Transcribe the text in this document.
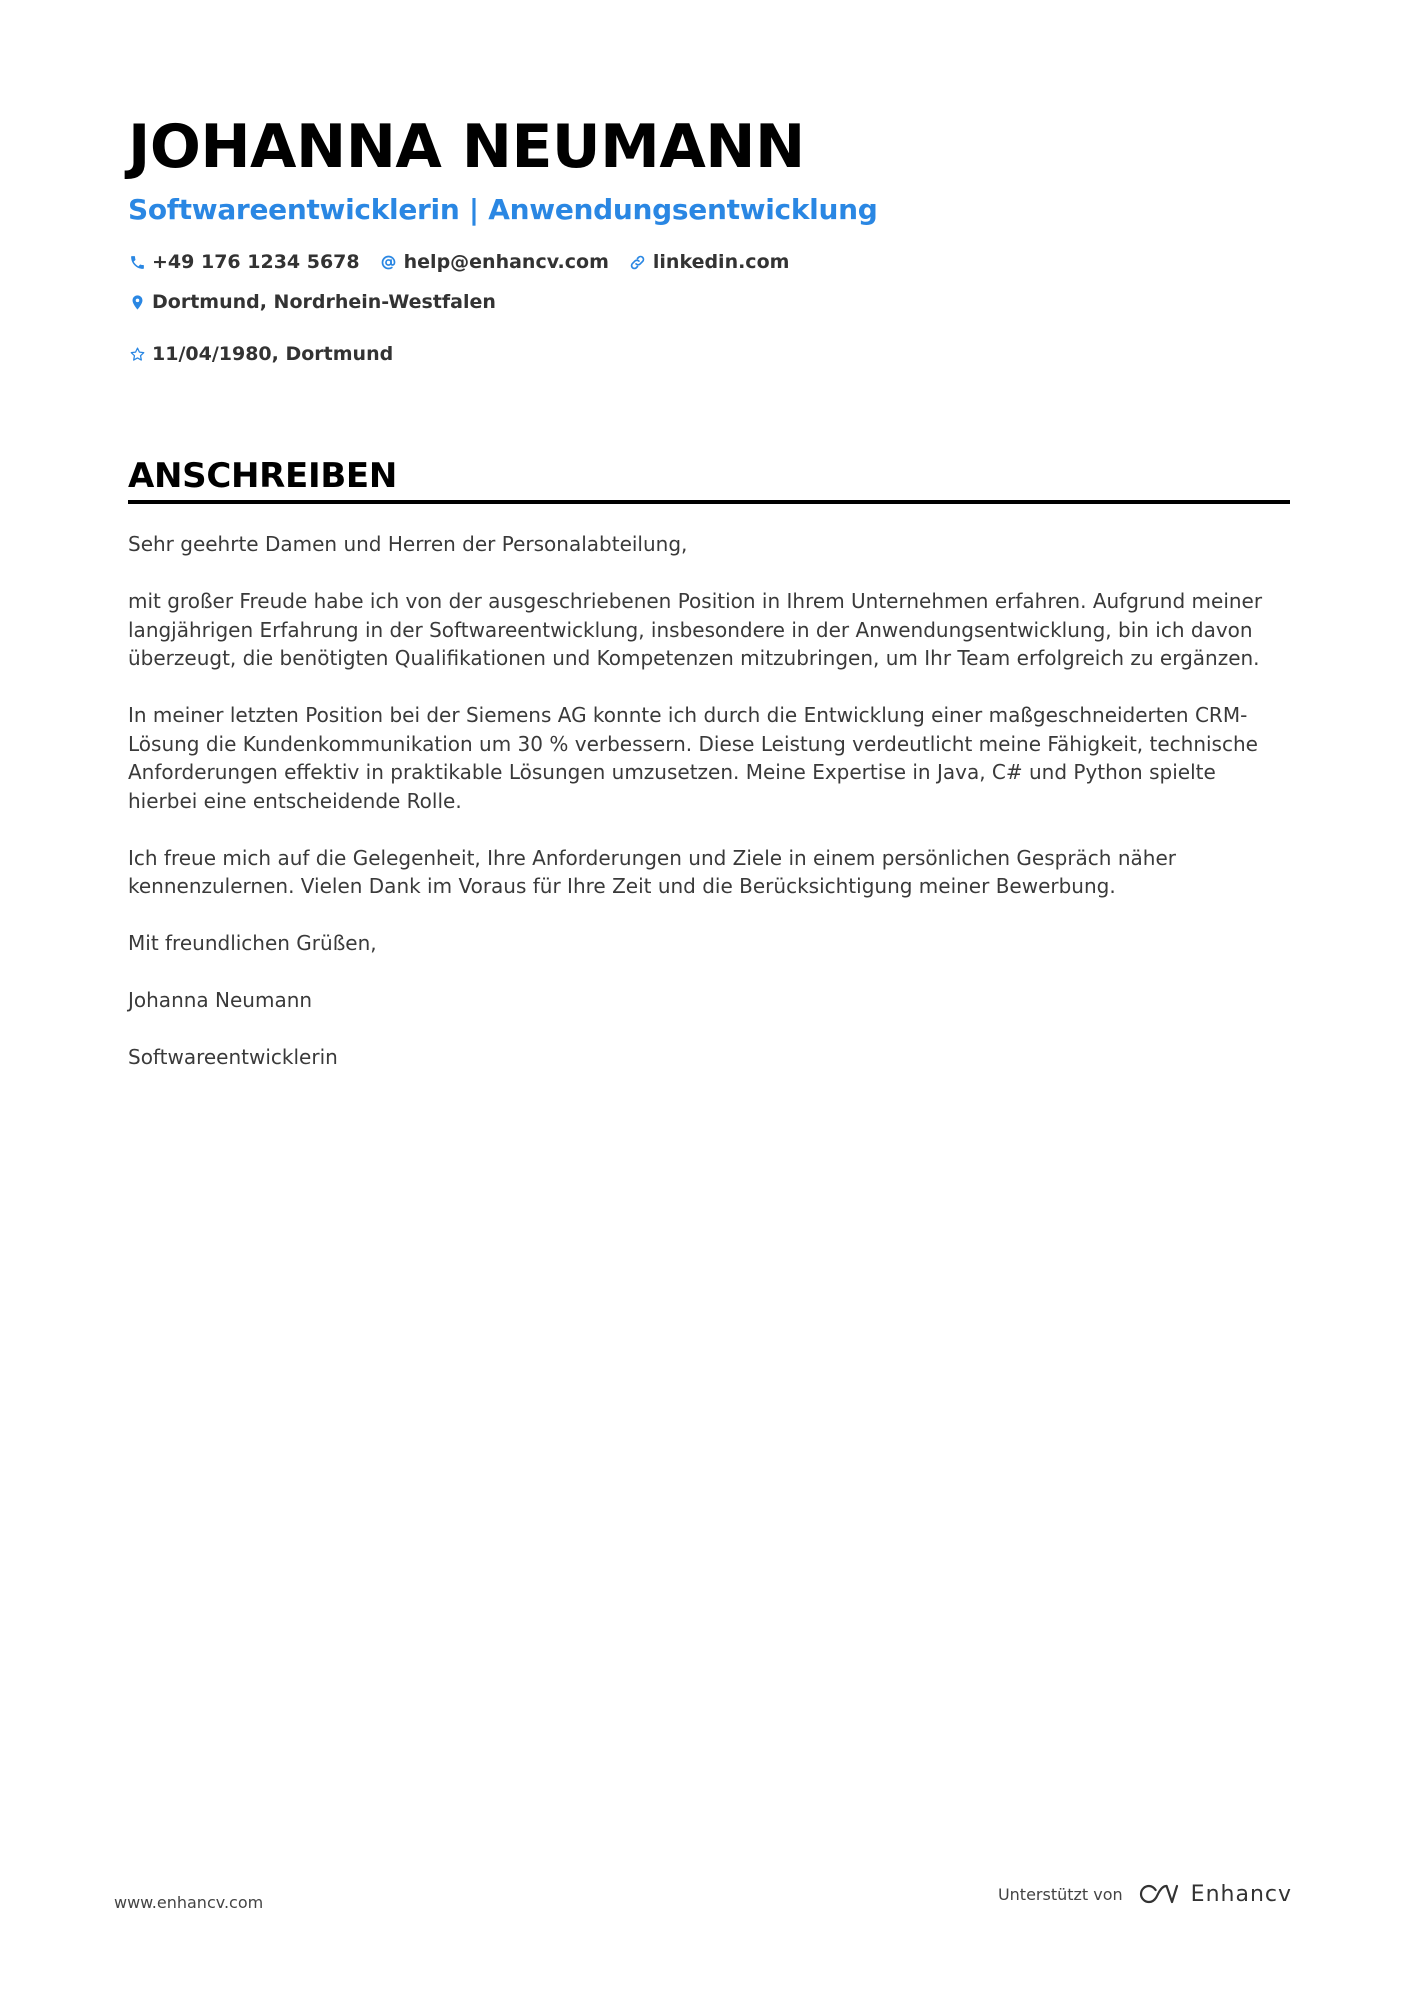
JOHANNA NEUMANN
Softwareentwicklerin | Anwendungsentwicklung
+49 176 1234 5678 help@enhancv.com linkedin.com
Dortmund, Nordrhein-Westfalen
11/04/1980, Dortmund
ANSCHREIBEN

Sehr geehrte Damen und Herren der Personalabteilung,

mit großer Freude habe ich von der ausgeschriebenen Position in Ihrem Unternehmen erfahren. Aufgrund meiner langjährigen Erfahrung in der Softwareentwicklung, insbesondere in der Anwendungsentwicklung, bin ich davon überzeugt, die benötigten Qualifikationen und Kompetenzen mitzubringen, um Ihr Team erfolgreich zu ergänzen.

In meiner letzten Position bei der Siemens AG konnte ich durch die Entwicklung einer maßgeschneiderten CRM-Lösung die Kundenkommunikation um 30 % verbessern. Diese Leistung verdeutlicht meine Fähigkeit, technische Anforderungen effektiv in praktikable Lösungen umzusetzen. Meine Expertise in Java, C# und Python spielte hierbei eine entscheidende Rolle.

Ich freue mich auf die Gelegenheit, Ihre Anforderungen und Ziele in einem persönlichen Gespräch näher kennenzulernen. Vielen Dank im Voraus für Ihre Zeit und die Berücksichtigung meiner Bewerbung.

Mit freundlichen Grüßen,

Johanna Neumann

Softwareentwicklerin

www.enhancv.com	Unterstützt von	Enhancv
